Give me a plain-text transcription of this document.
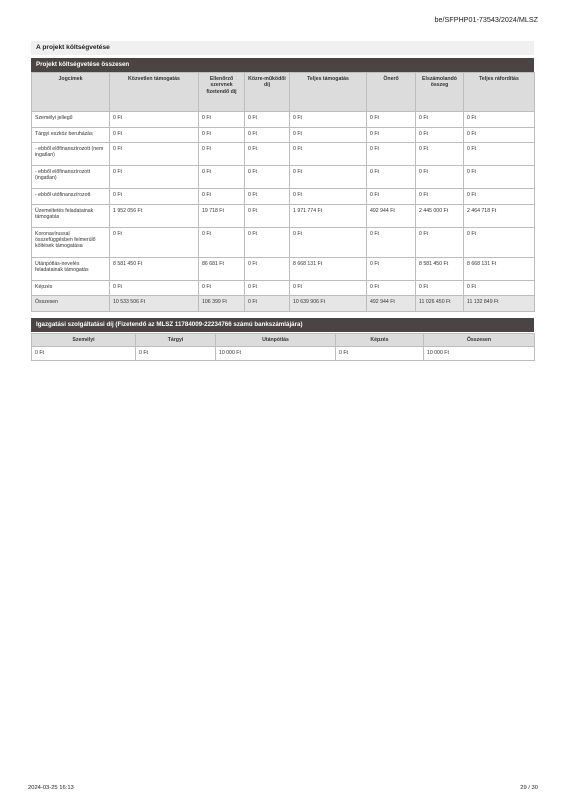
be/SFPHP01-73543/2024/MLSZ
A projekt költségvetése
Projekt költségvetése összesen
Jogcímek	Közvetlen támogatás	Ellenőrző szervnek fizetendő díj	Közre-működői díj	Teljes támogatás	Önerő	Elszámolandó összeg	Teljes ráfordítás
Személyi jellegű	0 Ft	0 Ft	0 Ft	0 Ft	0 Ft	0 Ft	0 Ft
Tárgyi eszköz beruházás	0 Ft	0 Ft	0 Ft	0 Ft	0 Ft	0 Ft	0 Ft
- ebből előfinanszírozott (nem ingatlan)	0 Ft	0 Ft	0 Ft	0 Ft	0 Ft	0 Ft	0 Ft
- ebből előfinanszírozott (ingatlan)	0 Ft	0 Ft	0 Ft	0 Ft	0 Ft	0 Ft	0 Ft
- ebből utófinanszírozott	0 Ft	0 Ft	0 Ft	0 Ft	0 Ft	0 Ft	0 Ft
Üzemeltetés feladatainak támogatás	1 952 056 Ft	19 718 Ft	0 Ft	1 971 774 Ft	492 944 Ft	2 445 000 Ft	2 464 718 Ft
Koronavírussal összefüggésben felmerülő költések támogatása	0 Ft	0 Ft	0 Ft	0 Ft	0 Ft	0 Ft	0 Ft
Utánpótlás-nevelés feladatainak támogatás	8 581 450 Ft	86 681 Ft	0 Ft	8 668 131 Ft	0 Ft	8 581 450 Ft	8 668 131 Ft
Képzés	0 Ft	0 Ft	0 Ft	0 Ft	0 Ft	0 Ft	0 Ft
Összesen	10 533 506 Ft	106 399 Ft	0 Ft	10 639 906 Ft	492 944 Ft	11 026 450 Ft	11 132 849 Ft
Igazgatási szolgáltatási díj (Fizetendő az MLSZ 11784009-22234766 számú bankszámlájára)
Személyi	Tárgyi	Utánpótlás	Képzés	Összesen
0 Ft	0 Ft	10 000 Ft	0 Ft	10 000 Ft
2024-03-25 16:13	29 / 30
